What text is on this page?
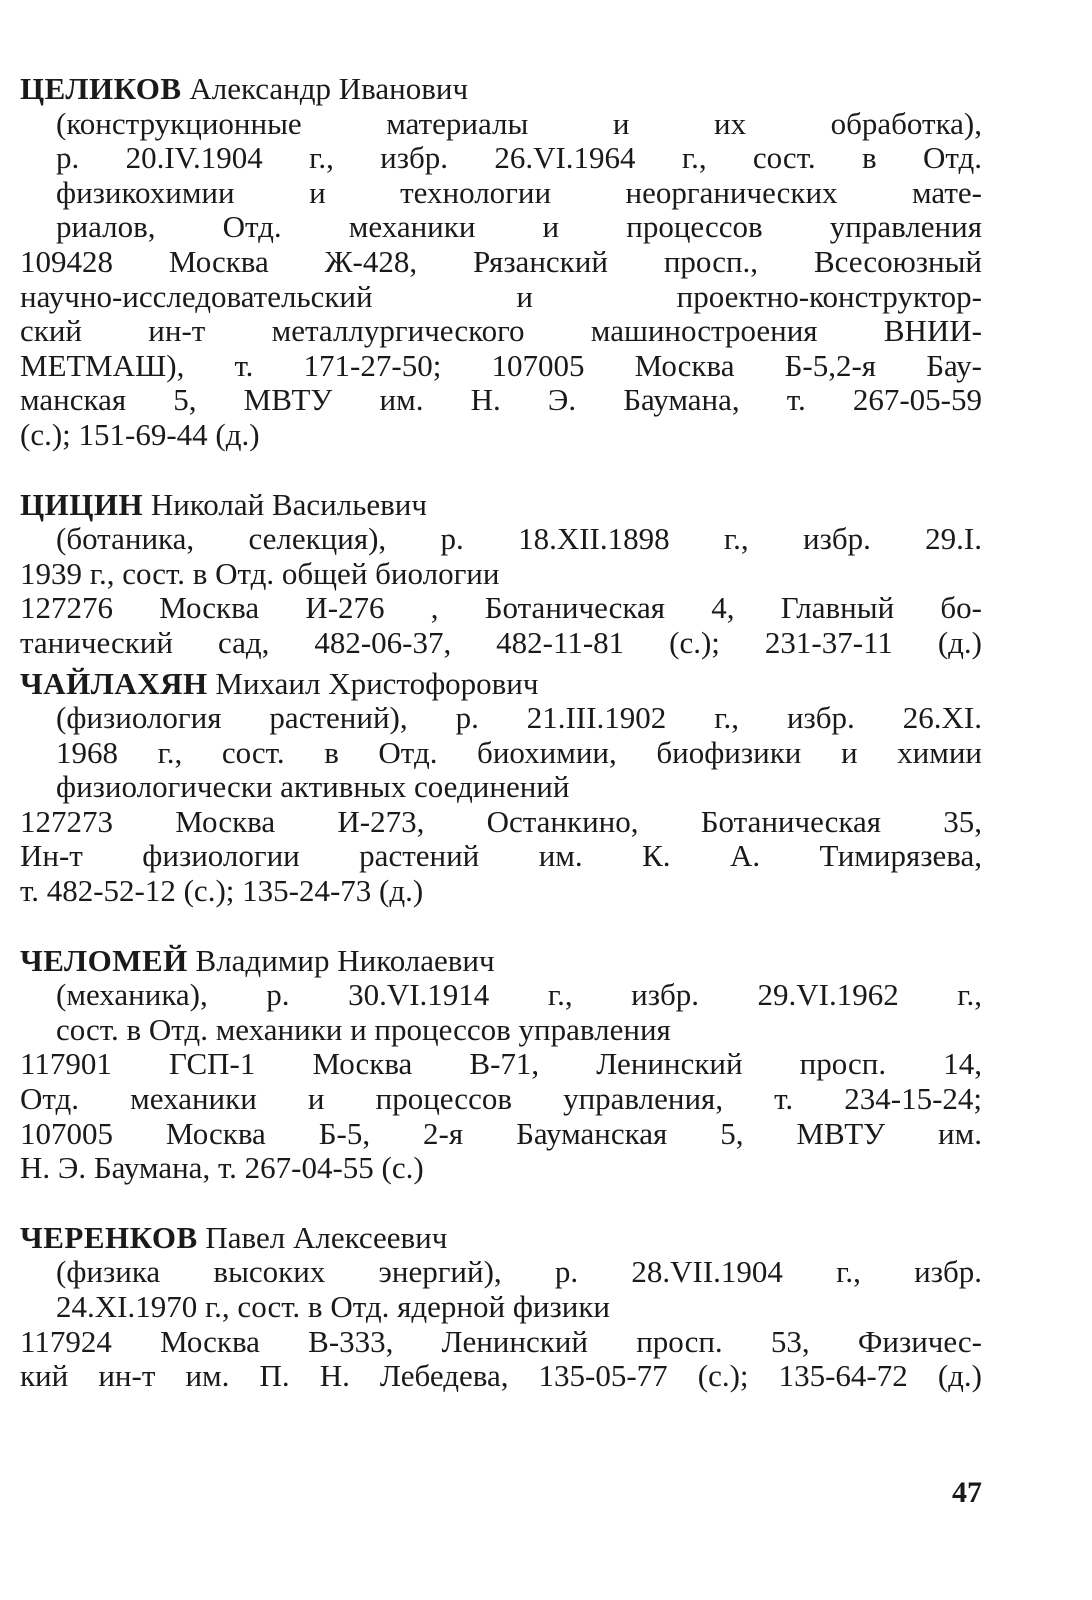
ЦЕЛИКОВ Александр Иванович
(конструкционные материалы и их обработка),
р. 20.IV.1904 г., избр. 26.VI.1964 г., сост. в Отд.
физикохимии и технологии неорганических мате-
риалов, Отд. механики и процессов управления
109428 Москва Ж-428, Рязанский просп., Всесоюзный
научно-исследовательский и проектно-конструктор-
ский ин-т металлургического машиностроения ВНИИ-
МЕТМАШ), т. 171-27-50; 107005 Москва Б-5,2-я Бау-
манская 5, МВТУ им. Н. Э. Баумана, т. 267-05-59
(с.); 151-69-44 (д.)
ЦИЦИН Николай Васильевич
(ботаника, селекция), р. 18.XII.1898 г., избр. 29.I.
1939 г., сост. в Отд. общей биологии
127276 Москва И-276 , Ботаническая 4, Главный бо-
танический сад, 482-06-37, 482-11-81 (с.); 231-37-11 (д.)
ЧАЙЛАХЯН Михаил Христофорович
(физиология растений), р. 21.III.1902 г., избр. 26.XI.
1968 г., сост. в Отд. биохимии, биофизики и химии
физиологически активных соединений
127273 Москва И-273, Останкино, Ботаническая 35,
Ин-т физиологии растений им. К. А. Тимирязева,
т. 482-52-12 (с.); 135-24-73 (д.)
ЧЕЛОМЕЙ Владимир Николаевич
(механика), р. 30.VI.1914 г., избр. 29.VI.1962 г.,
сост. в Отд. механики и процессов управления
117901 ГСП-1 Москва В-71, Ленинский просп. 14,
Отд. механики и процессов управления, т. 234-15-24;
107005 Москва Б-5, 2-я Бауманская 5, МВТУ им.
Н. Э. Баумана, т. 267-04-55 (с.)
ЧЕРЕНКОВ Павел Алексеевич
(физика высоких энергий), р. 28.VII.1904 г., избр.
24.XI.1970 г., сост. в Отд. ядерной физики
117924 Москва В-333, Ленинский просп. 53, Физичес-
кий ин-т им. П. Н. Лебедева, 135-05-77 (с.); 135-64-72 (д.)
47
